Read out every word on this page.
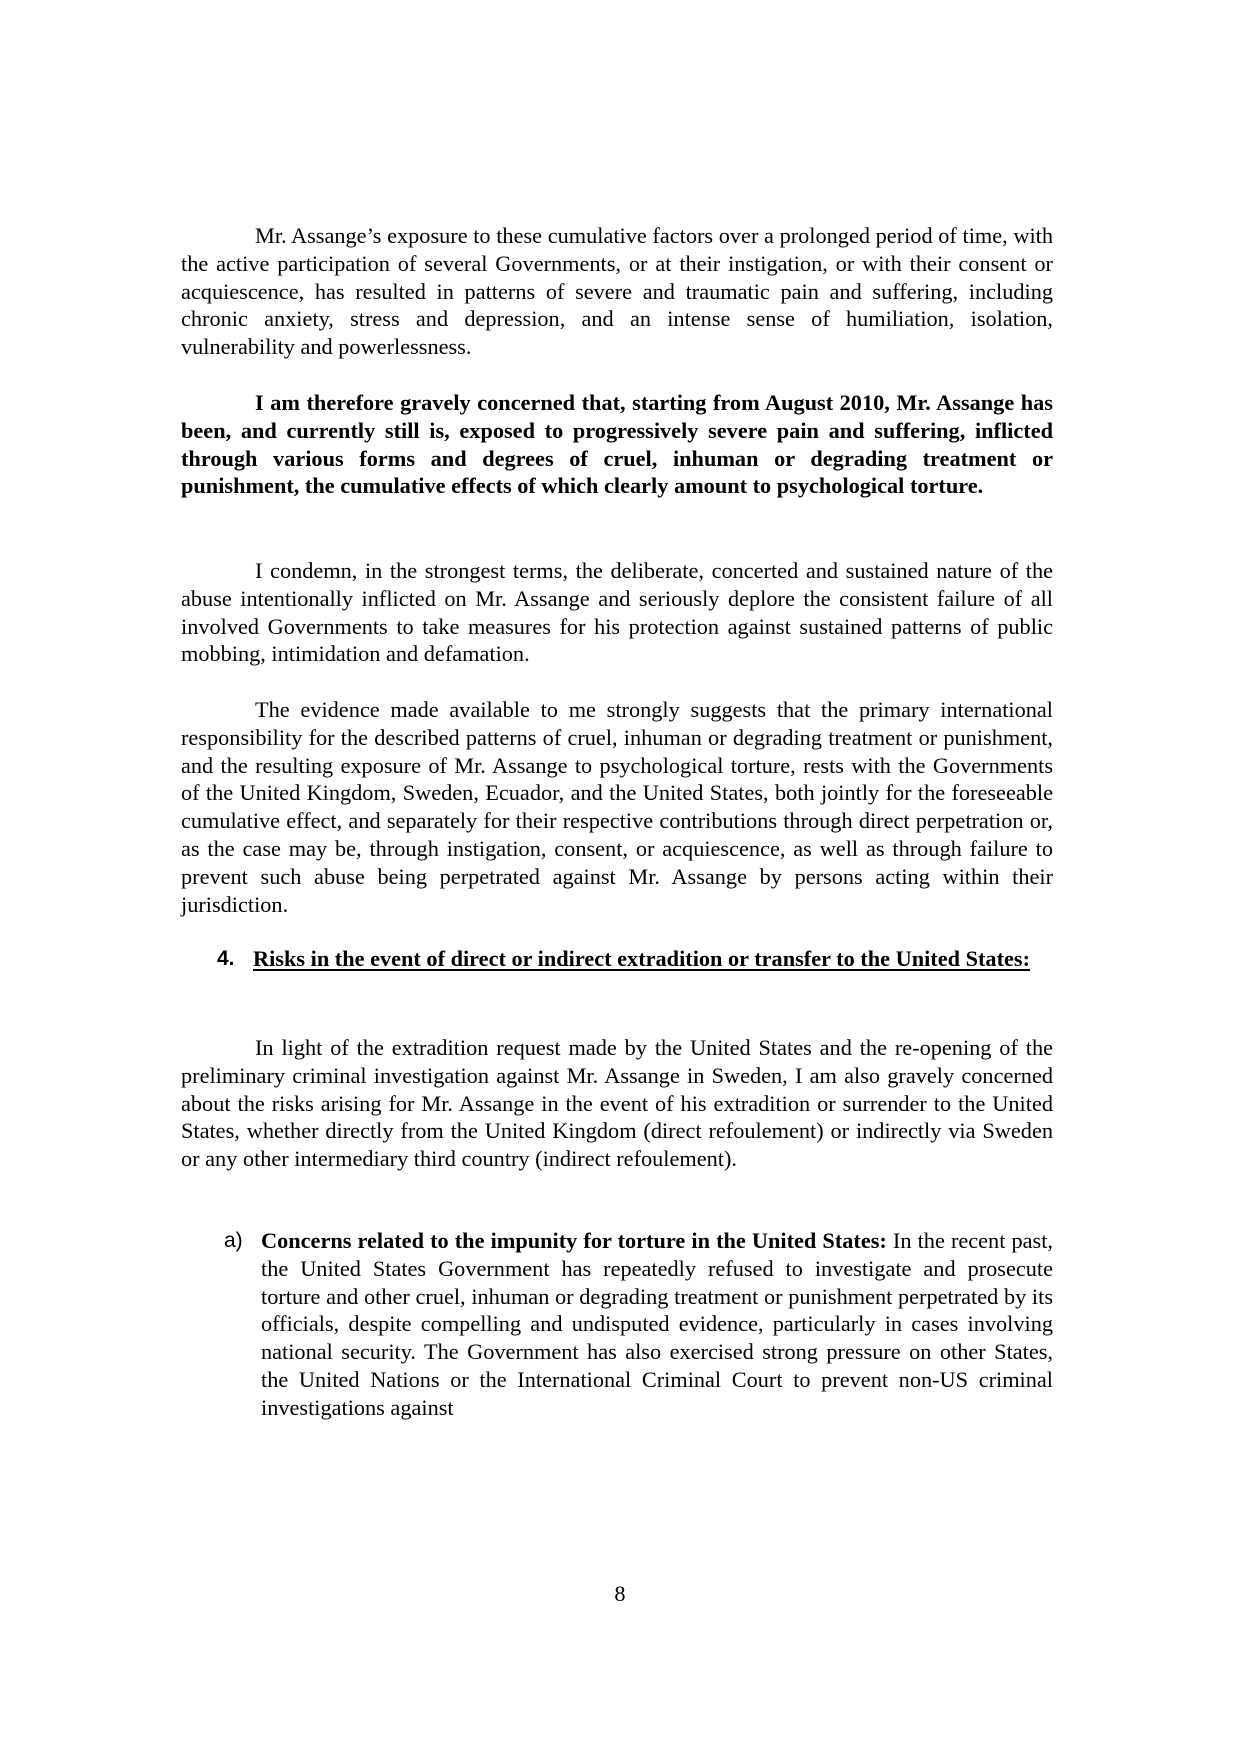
Mr. Assange’s exposure to these cumulative factors over a prolonged period of time, with the active participation of several Governments, or at their instigation, or with their consent or acquiescence, has resulted in patterns of severe and traumatic pain and suffering, including chronic anxiety, stress and depression, and an intense sense of humiliation, isolation, vulnerability and powerlessness.

I am therefore gravely concerned that, starting from August 2010, Mr. Assange has been, and currently still is, exposed to progressively severe pain and suffering, inflicted through various forms and degrees of cruel, inhuman or degrading treatment or punishment, the cumulative effects of which clearly amount to psychological torture.

I condemn, in the strongest terms, the deliberate, concerted and sustained nature of the abuse intentionally inflicted on Mr. Assange and seriously deplore the consistent failure of all involved Governments to take measures for his protection against sustained patterns of public mobbing, intimidation and defamation.

The evidence made available to me strongly suggests that the primary international responsibility for the described patterns of cruel, inhuman or degrading treatment or punishment, and the resulting exposure of Mr. Assange to psychological torture, rests with the Governments of the United Kingdom, Sweden, Ecuador, and the United States, both jointly for the foreseeable cumulative effect, and separately for their respective contributions through direct perpetration or, as the case may be, through instigation, consent, or acquiescence, as well as through failure to prevent such abuse being perpetrated against Mr. Assange by persons acting within their jurisdiction.

4. Risks in the event of direct or indirect extradition or transfer to the United States:

In light of the extradition request made by the United States and the re-opening of the preliminary criminal investigation against Mr. Assange in Sweden, I am also gravely concerned about the risks arising for Mr. Assange in the event of his extradition or surrender to the United States, whether directly from the United Kingdom (direct refoulement) or indirectly via Sweden or any other intermediary third country (indirect refoulement).

a) Concerns related to the impunity for torture in the United States: In the recent past, the United States Government has repeatedly refused to investigate and prosecute torture and other cruel, inhuman or degrading treatment or punishment perpetrated by its officials, despite compelling and undisputed evidence, particularly in cases involving national security. The Government has also exercised strong pressure on other States, the United Nations or the International Criminal Court to prevent non-US criminal investigations against
8
